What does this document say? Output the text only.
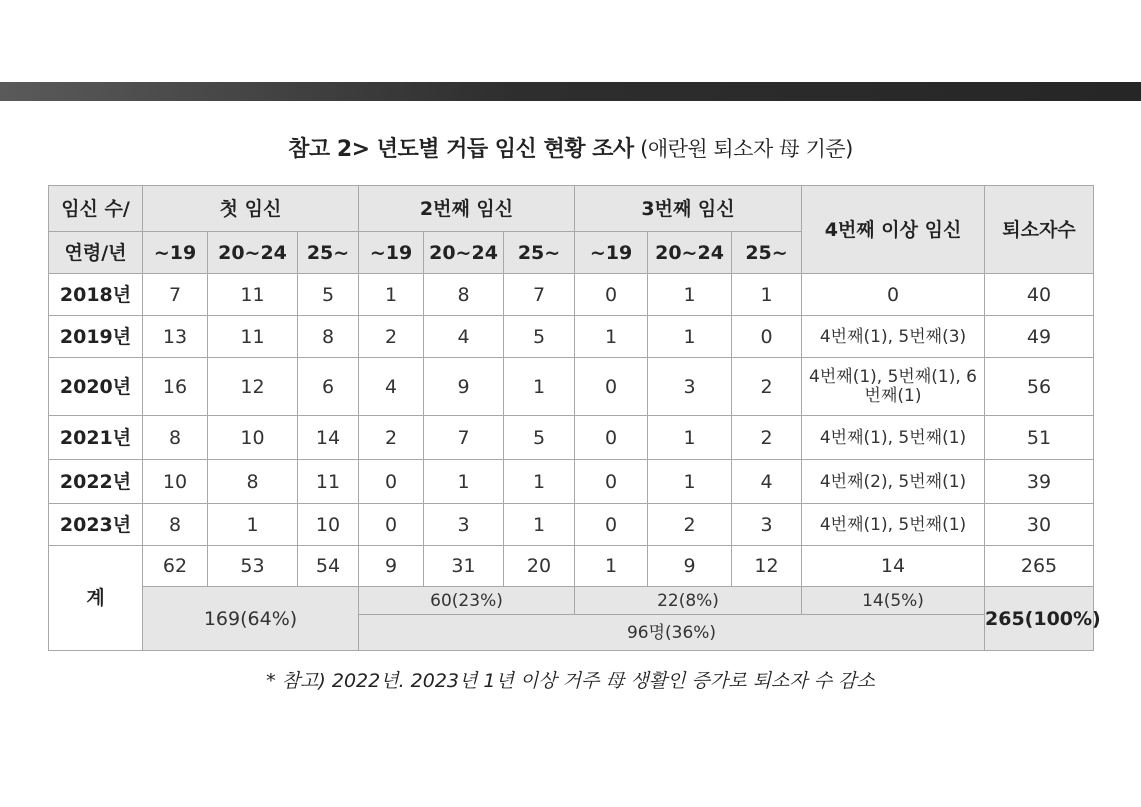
참고 2> 년도별 거듭 임신 현황 조사 (애란원 퇴소자 母 기준)
임신 수/	첫 임신			2번째 임신			3번째 임신			4번째 이상 임신	퇴소자수
연령/년	~19	20~24	25~	~19	20~24	25~	~19	20~24	25~		
2018년	7	11	5	1	8	7	0	1	1	0	40
2019년	13	11	8	2	4	5	1	1	0	4번째(1), 5번째(3)	49
2020년	16	12	6	4	9	1	0	3	2	4번째(1), 5번째(1), 6번째(1)	56
2021년	8	10	14	2	7	5	0	1	2	4번째(1), 5번째(1)	51
2022년	10	8	11	0	1	1	0	1	4	4번째(2), 5번째(1)	39
2023년	8	1	10	0	3	1	0	2	3	4번째(1), 5번째(1)	30
계	62	53	54	9	31	20	1	9	12	14	265
	169(64%)			60(23%)			22(8%)			14(5%)	265(100%)
				96명(36%)							
* 참고) 2022년. 2023년 1년 이상 거주 母 생활인 증가로 퇴소자 수 감소
